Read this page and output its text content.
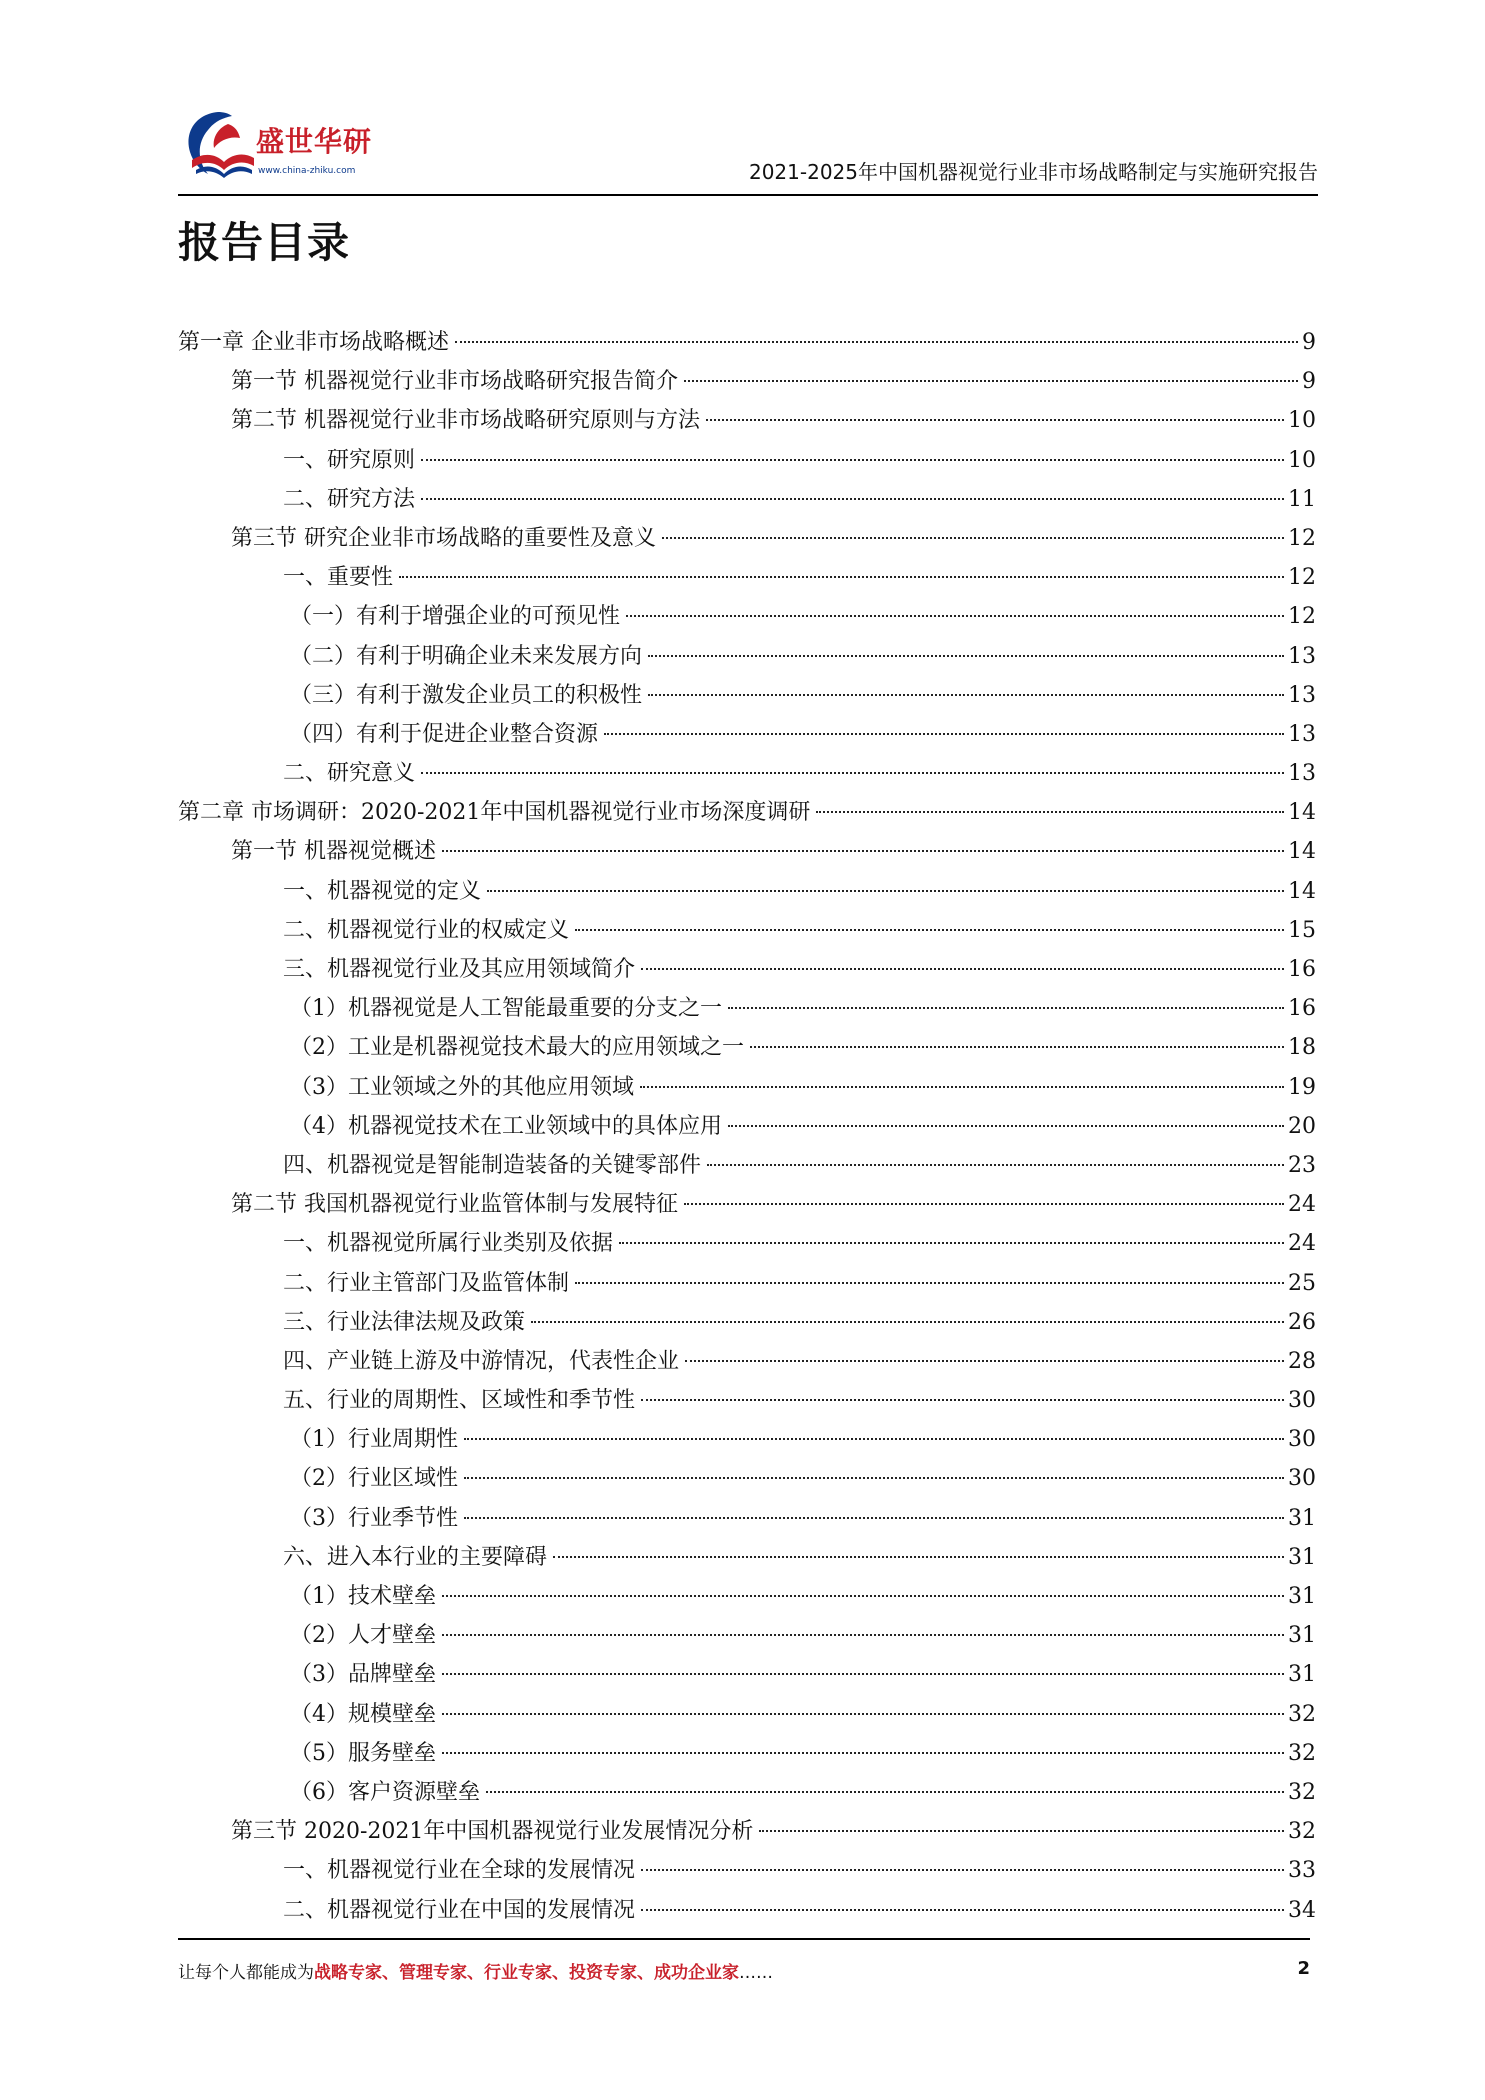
盛世华研
www.china-zhiku.com	2021-2025年中国机器视觉行业非市场战略制定与实施研究报告
报告目录
第一章 企业非市场战略概述	9
第一节 机器视觉行业非市场战略研究报告简介	9
第二节 机器视觉行业非市场战略研究原则与方法	10
一、研究原则	10
二、研究方法	11
第三节 研究企业非市场战略的重要性及意义	12
一、重要性	12
（一）有利于增强企业的可预见性	12
（二）有利于明确企业未来发展方向	13
（三）有利于激发企业员工的积极性	13
（四）有利于促进企业整合资源	13
二、研究意义	13
第二章 市场调研：2020-2021年中国机器视觉行业市场深度调研	14
第一节 机器视觉概述	14
一、机器视觉的定义	14
二、机器视觉行业的权威定义	15
三、机器视觉行业及其应用领域简介	16
（1）机器视觉是人工智能最重要的分支之一	16
（2）工业是机器视觉技术最大的应用领域之一	18
（3）工业领域之外的其他应用领域	19
（4）机器视觉技术在工业领域中的具体应用	20
四、机器视觉是智能制造装备的关键零部件	23
第二节 我国机器视觉行业监管体制与发展特征	24
一、机器视觉所属行业类别及依据	24
二、行业主管部门及监管体制	25
三、行业法律法规及政策	26
四、产业链上游及中游情况，代表性企业	28
五、行业的周期性、区域性和季节性	30
（1）行业周期性	30
（2）行业区域性	30
（3）行业季节性	31
六、进入本行业的主要障碍	31
（1）技术壁垒	31
（2）人才壁垒	31
（3）品牌壁垒	31
（4）规模壁垒	32
（5）服务壁垒	32
（6）客户资源壁垒	32
第三节 2020-2021年中国机器视觉行业发展情况分析	32
一、机器视觉行业在全球的发展情况	33
二、机器视觉行业在中国的发展情况	34
让每个人都能成为战略专家、管理专家、行业专家、投资专家、成功企业家……	2
